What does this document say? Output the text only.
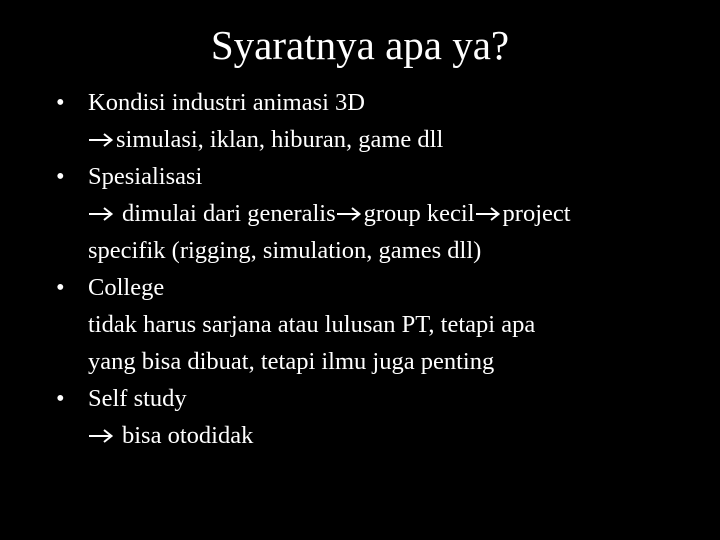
Syaratnya apa ya?
• Kondisi industri animasi 3D
simulasi, iklan, hiburan, game dll
• Spesialisasi
dimulai dari generalis group kecil project
specifik (rigging, simulation, games dll)
• College
tidak harus sarjana atau lulusan PT, tetapi apa
yang bisa dibuat, tetapi ilmu juga penting
• Self study
bisa otodidak
